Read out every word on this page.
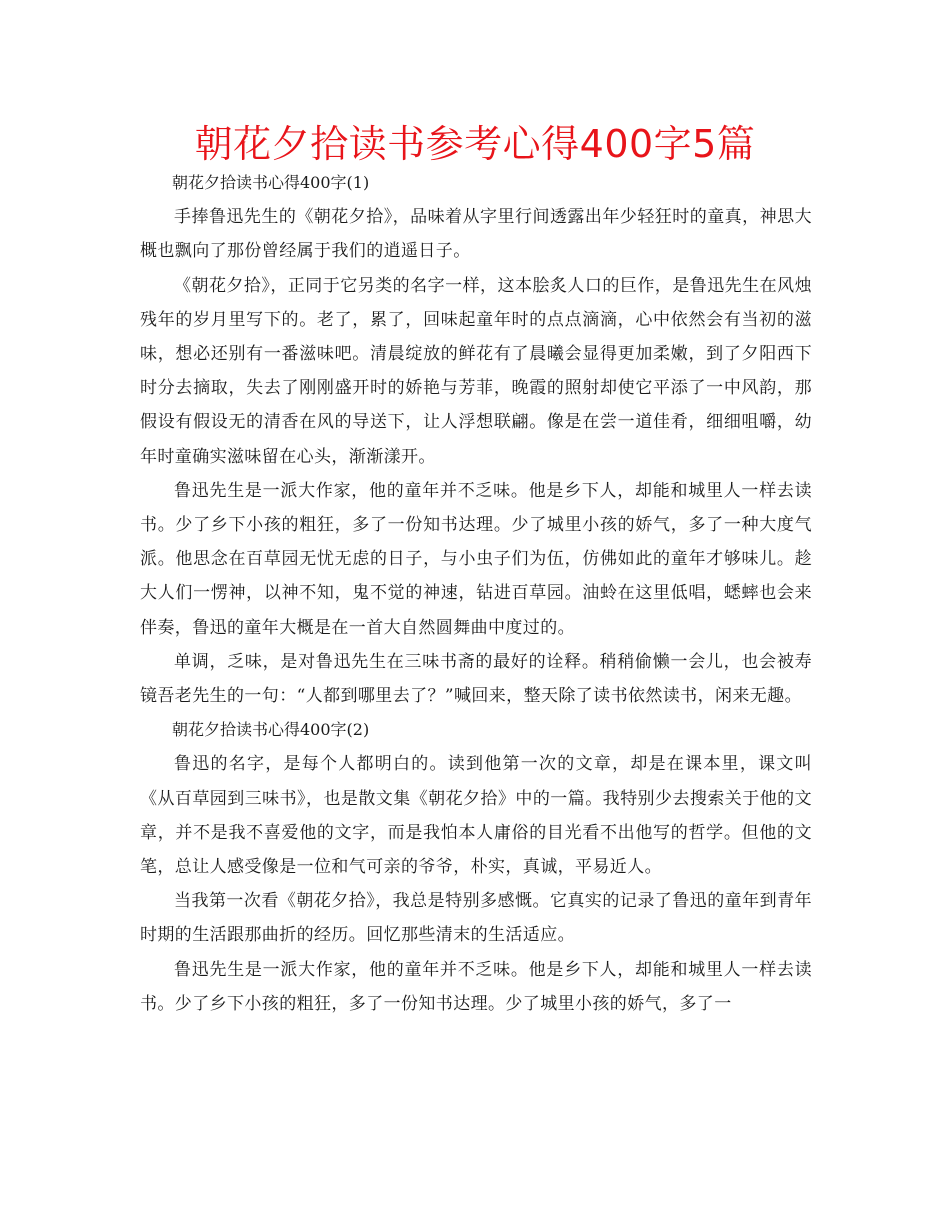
朝花夕拾读书参考心得400字5篇

朝花夕拾读书心得400字(1)

手捧鲁迅先生的《朝花夕拾》，品味着从字里行间透露出年少轻狂时的童真，神思大概也飘向了那份曾经属于我们的逍遥日子。

《朝花夕拾》，正同于它另类的名字一样，这本脍炙人口的巨作，是鲁迅先生在风烛残年的岁月里写下的。老了，累了，回味起童年时的点点滴滴，心中依然会有当初的滋味，想必还别有一番滋味吧。清晨绽放的鲜花有了晨曦会显得更加柔嫩，到了夕阳西下时分去摘取，失去了刚刚盛开时的娇艳与芳菲，晚霞的照射却使它平添了一中风韵，那假设有假设无的清香在风的导送下，让人浮想联翩。像是在尝一道佳肴，细细咀嚼，幼年时童确实滋味留在心头，渐渐漾开。

鲁迅先生是一派大作家，他的童年并不乏味。他是乡下人，却能和城里人一样去读书。少了乡下小孩的粗狂，多了一份知书达理。少了城里小孩的娇气，多了一种大度气派。他思念在百草园无忧无虑的日子，与小虫子们为伍，仿佛如此的童年才够味儿。趁大人们一愣神，以神不知，鬼不觉的神速，钻进百草园。油蛉在这里低唱，蟋蟀也会来伴奏，鲁迅的童年大概是在一首大自然圆舞曲中度过的。

单调，乏味，是对鲁迅先生在三味书斋的最好的诠释。稍稍偷懒一会儿，也会被寿镜吾老先生的一句：“人都到哪里去了？”喊回来，整天除了读书依然读书，闲来无趣。

朝花夕拾读书心得400字(2)

鲁迅的名字，是每个人都明白的。读到他第一次的文章，却是在课本里，课文叫《从百草园到三味书》，也是散文集《朝花夕拾》中的一篇。我特别少去搜索关于他的文章，并不是我不喜爱他的文字，而是我怕本人庸俗的目光看不出他写的哲学。但他的文笔，总让人感受像是一位和气可亲的爷爷，朴实，真诚，平易近人。

当我第一次看《朝花夕拾》，我总是特别多感慨。它真实的记录了鲁迅的童年到青年时期的生活跟那曲折的经历。回忆那些清末的生活适应。

鲁迅先生是一派大作家，他的童年并不乏味。他是乡下人，却能和城里人一样去读书。少了乡下小孩的粗狂，多了一份知书达理。少了城里小孩的娇气，多了一
